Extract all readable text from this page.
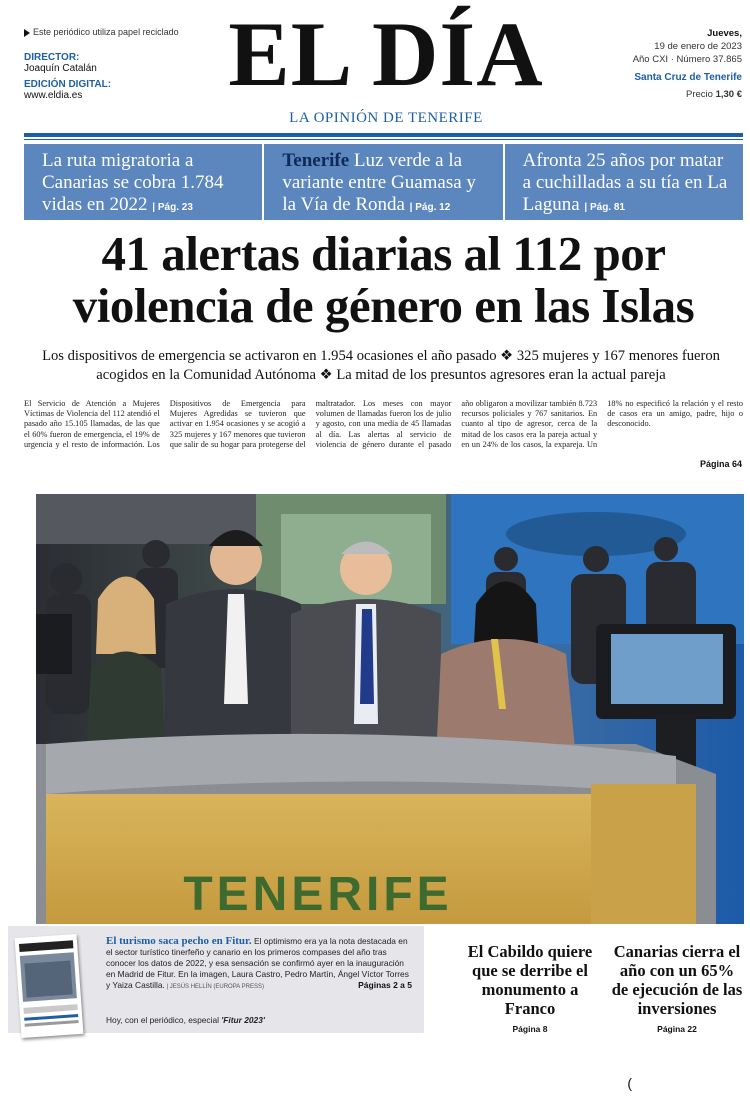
Este periódico utiliza papel reciclado
DIRECTOR:
Joaquín Catalán
EDICIÓN DIGITAL:
www.eldia.es EL DÍA
LA OPINIÓN DE TENERIFE
Jueves,
19 de enero de 2023
Año CXI · Número 37.865
Santa Cruz de Tenerife
Precio 1,30 €
La ruta migratoria a Canarias se cobra 1.784 vidas en 2022 | Pág. 23
Tenerife Luz verde a la variante entre Guamasa y la Vía de Ronda | Pág. 12
Afronta 25 años por matar a cuchilladas a su tía en La Laguna | Pág. 81
41 alertas diarias al 112 por violencia de género en las Islas
Los dispositivos de emergencia se activaron en 1.954 ocasiones el año pasado ❖ 325 mujeres y 167 menores fueron acogidos en la Comunidad Autónoma ❖ La mitad de los presuntos agresores eran la actual pareja
El Servicio de Atención a Mujeres Víctimas de Violencia del 112 atendió el pasado año 15.105 llamadas, de las que el 60% fueron de emergencia, el 19% de urgencia y el resto de información. Los Dispositivos de Emergencia para Mujeres Agredidas se tuvieron que activar en 1.954 ocasiones y se acogió a 325 mujeres y 167 menores que tuvieron que salir de su hogar para protegerse del maltratador. Los meses con mayor volumen de llamadas fueron los de julio y agosto, con una media de 45 llamadas al día. Las alertas al servicio de violencia de género durante el pasado año obligaron a movilizar también 8.723 recursos policiales y 767 sanitarios. En cuanto al tipo de agresor, cerca de la mitad de los casos era la pareja actual y en un 24% de los casos, la expareja. Un 18% no especificó la relación y el resto de casos era un amigo, padre, hijo o desconocido.
Página 64
TENERIFE
El turismo saca pecho en Fitur. El optimismo era ya la nota destacada en el sector turístico tinerfeño y canario en los primeros compases del año tras conocer los datos de 2022, y esa sensación se confirmó ayer en la inauguración en Madrid de Fitur. En la imagen, Laura Castro, Pedro Martín, Ángel Víctor Torres y Yaiza Castilla. | JESÚS HELLÍN (EUROPA PRESS)	Páginas 2 a 5
Hoy, con el periódico, especial 'Fitur 2023'
El Cabildo quiere que se derribe el monumento a Franco
Página 8
Canarias cierra el año con un 65% de ejecución de las inversiones
Página 22
(
